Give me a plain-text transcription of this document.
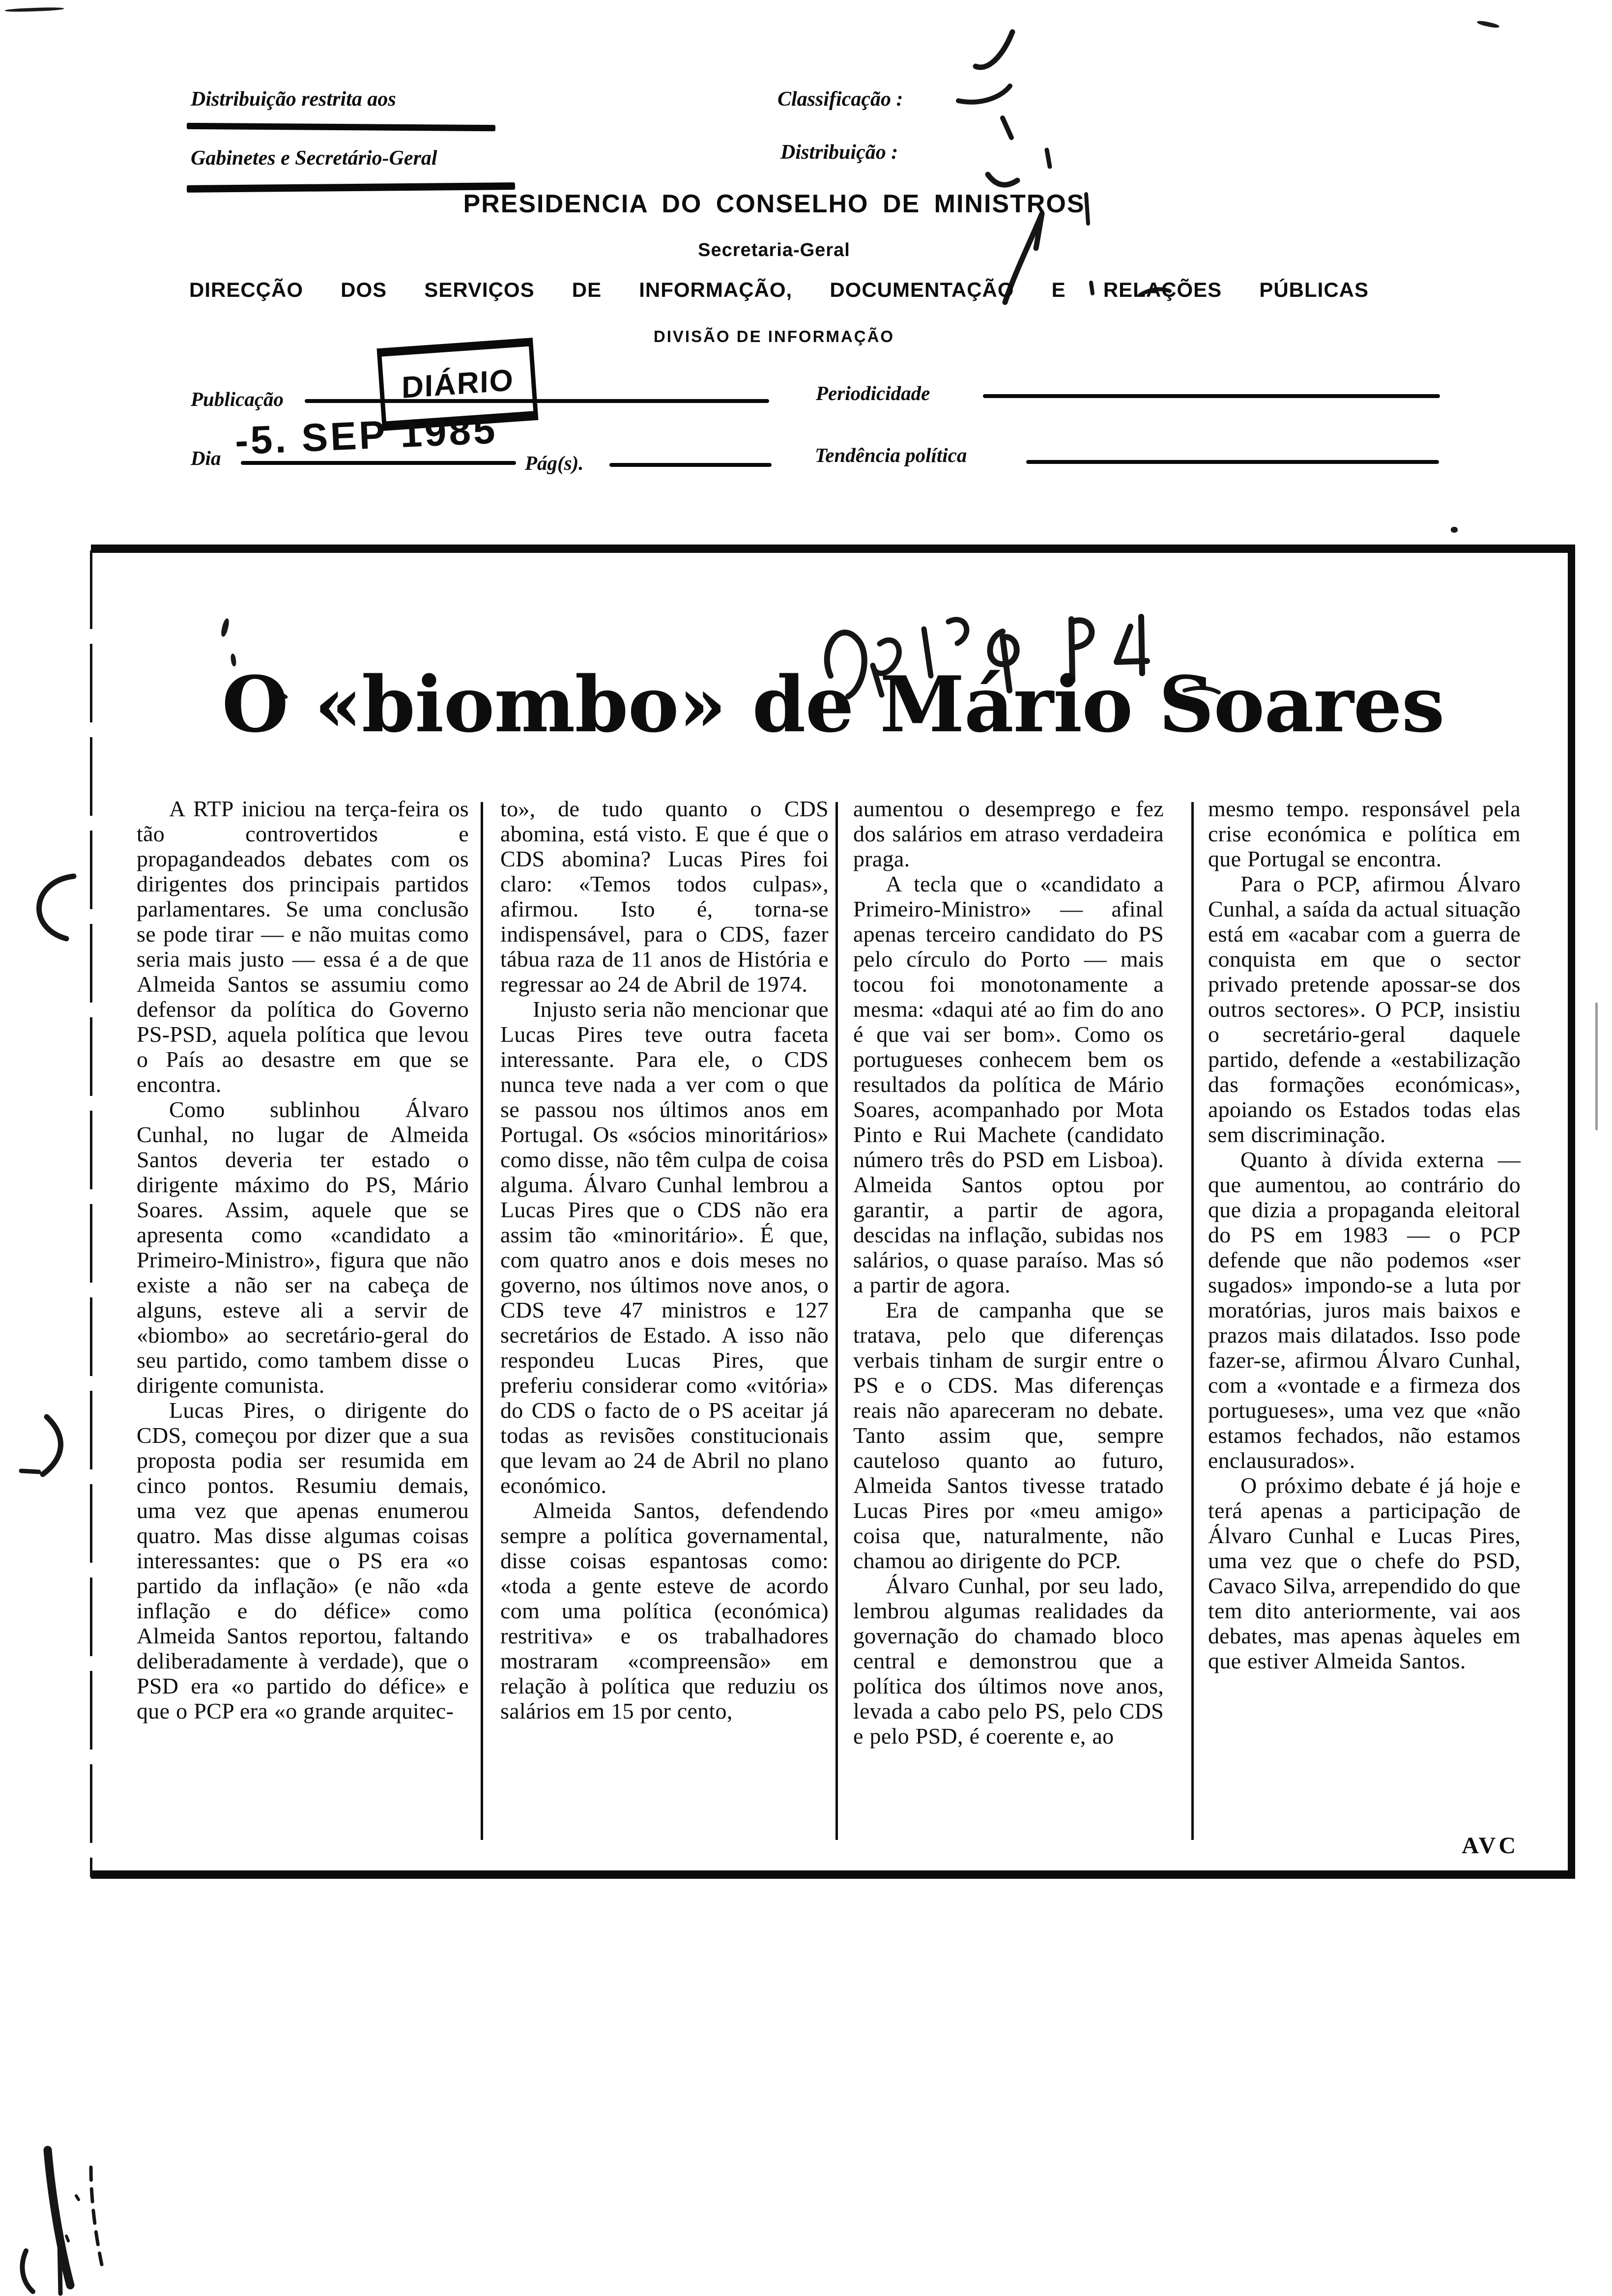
Distribuição restrita aos
Gabinetes e Secretário-Geral
Classificação :
Distribuição :
PRESIDENCIA DO CONSELHO DE MINISTROS
Secretaria-Geral
DIRECÇÃO DOS SERVIÇOS DE INFORMAÇÃO, DOCUMENTAÇÃO E RELAÇÕES PÚBLICAS
DIVISÃO DE INFORMAÇÃO
DIÁRIO
Publicação	Periodicidade
-5. SEP 1985
Dia	Pág(s).	Tendência política
O «biombo» de Mário Soares

A RTP iniciou na terça-feira os tão controvertidos e propagandeados debates com os dirigentes dos principais partidos parlamentares. Se uma conclusão se pode tirar — e não muitas como seria mais justo — essa é a de que Almeida Santos se assumiu como defensor da política do Governo PS-PSD, aquela política que levou o País ao desastre em que se encontra.

Como sublinhou Álvaro Cunhal, no lugar de Almeida Santos deveria ter estado o dirigente máximo do PS, Mário Soares. Assim, aquele que se apresenta como «candidato a Primeiro-Ministro», figura que não existe a não ser na cabeça de alguns, esteve ali a servir de «biombo» ao secretário-geral do seu partido, como tambem disse o dirigente comunista.

Lucas Pires, o dirigente do CDS, começou por dizer que a sua proposta podia ser resumida em cinco pontos. Resumiu demais, uma vez que apenas enumerou quatro. Mas disse algumas coisas interessantes: que o PS era «o partido da inflação» (e não «da inflação e do défice» como Almeida Santos reportou, faltando deliberadamente à verdade), que o PSD era «o partido do défice» e que o PCP era «o grande arquitec-

to», de tudo quanto o CDS abomina, está visto. E que é que o CDS abomina? Lucas Pires foi claro: «Temos todos culpas», afirmou. Isto é, torna-se indispensável, para o CDS, fazer tábua raza de 11 anos de História e regressar ao 24 de Abril de 1974.

Injusto seria não mencionar que Lucas Pires teve outra faceta interessante. Para ele, o CDS nunca teve nada a ver com o que se passou nos últimos anos em Portugal. Os «sócios minoritários» como disse, não têm culpa de coisa alguma. Álvaro Cunhal lembrou a Lucas Pires que o CDS não era assim tão «minoritário». É que, com quatro anos e dois meses no governo, nos últimos nove anos, o CDS teve 47 ministros e 127 secretários de Estado. A isso não respondeu Lucas Pires, que preferiu considerar como «vitória» do CDS o facto de o PS aceitar já todas as revisões constitucionais que levam ao 24 de Abril no plano económico.

Almeida Santos, defendendo sempre a política governamental, disse coisas espantosas como: «toda a gente esteve de acordo com uma política (económica) restritiva» e os trabalhadores mostraram «compreensão» em relação à política que reduziu os salários em 15 por cento,

aumentou o desemprego e fez dos salários em atraso verdadeira praga.

A tecla que o «candidato a Primeiro-Ministro» — afinal apenas terceiro candidato do PS pelo círculo do Porto — mais tocou foi monotonamente a mesma: «daqui até ao fim do ano é que vai ser bom». Como os portugueses conhecem bem os resultados da política de Mário Soares, acompanhado por Mota Pinto e Rui Machete (candidato número três do PSD em Lisboa). Almeida Santos optou por garantir, a partir de agora, descidas na inflação, subidas nos salários, o quase paraíso. Mas só a partir de agora.

Era de campanha que se tratava, pelo que diferenças verbais tinham de surgir entre o PS e o CDS. Mas diferenças reais não apareceram no debate. Tanto assim que, sempre cauteloso quanto ao futuro, Almeida Santos tivesse tratado Lucas Pires por «meu amigo» coisa que, naturalmente, não chamou ao dirigente do PCP.

Álvaro Cunhal, por seu lado, lembrou algumas realidades da governação do chamado bloco central e demonstrou que a política dos últimos nove anos, levada a cabo pelo PS, pelo CDS e pelo PSD, é coerente e, ao

mesmo tempo. responsável pela crise económica e política em que Portugal se encontra.

Para o PCP, afirmou Álvaro Cunhal, a saída da actual situação está em «acabar com a guerra de conquista em que o sector privado pretende apossar-se dos outros sectores». O PCP, insistiu o secretário-geral daquele partido, defende a «estabilização das formações económicas», apoiando os Estados todas elas sem discriminação.

Quanto à dívida externa — que aumentou, ao contrário do que dizia a propaganda eleitoral do PS em 1983 — o PCP defende que não podemos «ser sugados» impondo-se a luta por moratórias, juros mais baixos e prazos mais dilatados. Isso pode fazer-se, afirmou Álvaro Cunhal, com a «vontade e a firmeza dos portugueses», uma vez que «não estamos fechados, não estamos enclausurados».

O próximo debate é já hoje e terá apenas a participação de Álvaro Cunhal e Lucas Pires, uma vez que o chefe do PSD, Cavaco Silva, arrependido do que tem dito anteriormente, vai aos debates, mas apenas àqueles em que estiver Almeida Santos.

AVC
